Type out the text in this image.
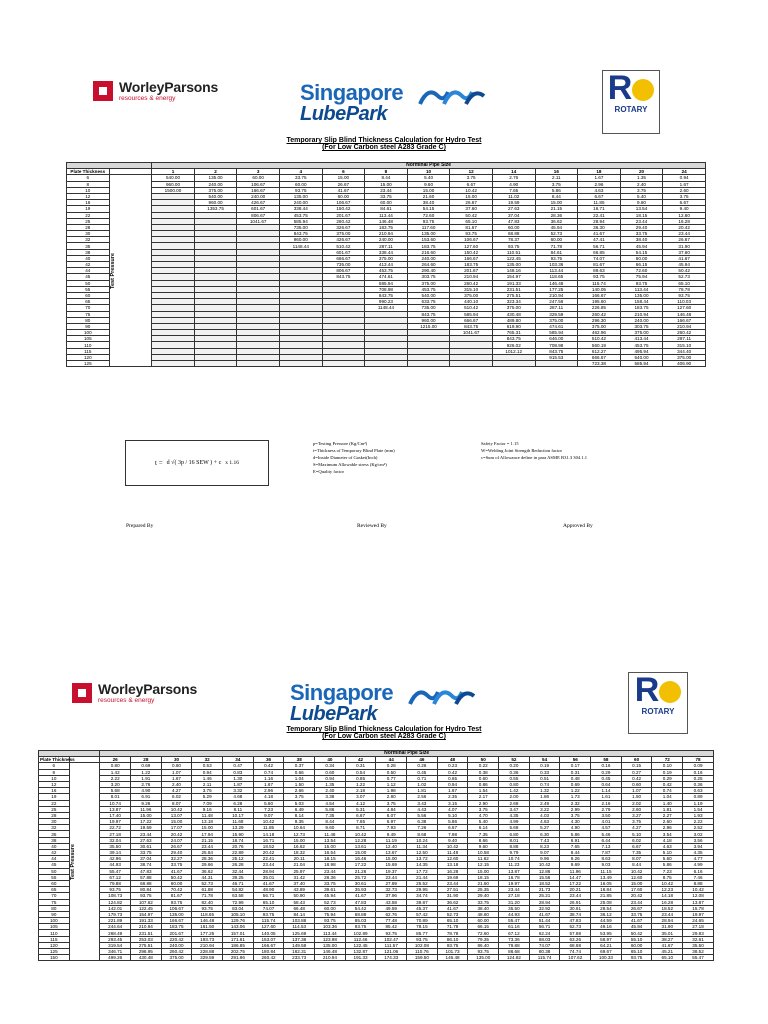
WorleyParsons
resources & energy	Singapore
LubePark
R
ROTARY
Temporary Slip Blind Thickness Calculation for Hydro Test
(For Low Carbon steel A283 Grade C)
		Norminal Pipe Size												
Plate Thickness		1	2	3	4	6	8	10	12	14	16	18	20	24
6	Test Pressure	540.00	135.00	60.00	33.75	15.00	8.44	5.40	3.75	2.76	2.11	1.67	1.35	0.94
8		960.00	240.00	106.67	60.00	26.67	15.00	9.60	6.67	4.90	3.75	2.96	2.40	1.67
10		1500.00	375.00	166.67	93.75	41.67	23.44	15.00	10.42	7.65	5.86	4.63	3.75	2.60
12			540.00	240.00	135.00	60.00	33.75	21.60	15.00	11.02	8.44	6.67	5.40	3.75
16			960.00	426.67	240.00	106.67	60.00	38.40	26.67	19.59	15.00	11.85	9.60	6.67
19			1353.75	601.67	338.44	150.42	84.61	54.15	37.60	27.63	21.15	16.71	13.54	9.40
22				806.67	453.75	201.67	113.44	72.60	50.42	37.04	28.36	22.41	18.15	12.60
25				1041.67	585.94	260.42	146.48	93.75	65.10	47.83	36.62	28.94	23.44	16.28
28					735.00	326.67	183.75	117.60	81.67	60.00	45.94	36.30	29.40	20.42
30					843.75	375.00	210.94	135.00	93.75	68.88	52.73	41.67	33.75	23.44
32					960.00	426.67	240.00	153.60	106.67	78.37	60.00	47.41	38.40	26.67
35					1148.44	510.42	287.11	183.75	127.60	93.75	71.78	56.71	45.94	31.90
38						601.67	338.44	216.60	150.42	110.51	84.61	66.85	54.15	37.60
40						666.67	375.00	240.00	166.67	122.45	93.75	74.07	60.00	41.67
42						735.00	413.44	264.60	183.75	135.00	103.36	81.67	66.15	45.94
44						806.67	453.75	290.40	201.67	148.16	113.44	89.63	72.60	50.42
45						843.75	474.61	303.75	210.94	154.97	118.65	93.75	75.94	52.73
50							585.94	375.00	260.42	191.33	146.48	115.74	93.75	65.10
55							708.98	453.75	315.10	231.51	177.25	140.05	113.44	78.78
60							843.75	540.00	375.00	275.51	210.94	166.67	135.00	93.75
65							990.23	633.75	440.10	323.34	247.56	195.60	158.44	110.03
70							1148.44	735.00	510.42	375.00	287.11	226.85	183.75	127.60
75								843.75	585.94	430.48	329.59	260.42	210.94	146.48
80								960.00	666.67	489.80	375.00	296.30	240.00	166.67
90								1215.00	843.75	619.90	474.61	375.00	303.75	210.94
100									1041.67	765.31	585.94	462.96	375.00	260.42
105										843.75	646.00	510.42	413.44	287.11
110										926.02	708.98	560.19	453.75	315.10
115										1012.12	843.75	612.27	495.94	344.40
120											915.53	666.67	540.00	375.00
125												723.38	585.94	406.90
t = d √( 3p / 16 SEW ) + c x 1.16
p=Testing Pressure (Kg/Cm²)
t=Thickness of Temporary Blind Plate (mm)
d=Inside Diameter of Gasket(Inch)
S=Maximum Allowable stress (Kg/cm²)
E=Quality factor
Safety Factor = 1.15
W=Welding Joint Strength Reduction factor
c=Sum of Allowance define in para ASME B31.3 304.1.1
Prepared By	Reviewed By	Approved By
WorleyParsons
resources & energy	Singapore
LubePark
R
ROTARY
Temporary Slip Blind Thickness Calculation for Hydro Test
(For Low Carbon steel A283 Grade C)
		Norminal Pipe Size																			
Plate Thickness		26	28	30	32	34	36	38	40	42	44	46	48	50	52	54	56	58	60	72	78
6	Test Pressure	0.80	0.69	0.60	0.53	0.47	0.42	0.37	0.34	0.31	0.28	0.26	0.23	0.22	0.20	0.19	0.17	0.16	0.15	0.10	0.09
8		1.42	1.22	1.07	0.94	0.83	0.74	0.66	0.60	0.54	0.50	0.45	0.42	0.38	0.36	0.33	0.31	0.29	0.27	0.19	0.16
10		2.22	1.91	1.67	1.46	1.30	1.16	1.04	0.94	0.85	0.77	0.71	0.65	0.60	0.55	0.51	0.48	0.45	0.42	0.29	0.25
12		3.20	2.76	2.40	2.11	1.87	1.67	1.50	1.35	1.22	1.12	1.02	0.94	0.86	0.80	0.74	0.69	0.64	0.60	0.42	0.36
16		5.68	4.90	4.27	3.75	3.32	2.96	2.66	2.40	2.18	1.98	1.81	1.67	1.54	1.42	1.32	1.22	1.14	1.07	0.74	0.63
19		8.01	6.91	6.02	5.29	4.68	4.18	3.75	3.38	3.07	2.80	2.56	2.35	2.17	2.00	1.86	1.73	1.61	1.50	1.04	0.89
22		10.74	9.26	8.07	7.09	6.28	5.60	5.03	4.54	4.12	3.75	3.43	3.15	2.90	2.68	2.49	2.32	2.16	2.02	1.40	1.19
25		13.87	11.96	10.42	9.16	8.11	7.23	6.49	5.86	5.31	4.84	4.43	4.07	3.75	3.47	3.22	2.99	2.79	2.60	1.81	1.54
28		17.40	15.00	13.07	11.48	10.17	9.07	8.14	7.35	6.67	6.07	5.56	5.10	4.70	4.35	4.03	3.75	3.50	3.27	2.27	1.93
30		19.97	17.22	15.00	13.18	11.68	10.42	9.35	8.44	7.65	6.97	6.38	5.86	5.40	4.99	4.63	4.30	4.01	3.75	2.60	2.22
32		22.72	19.59	17.07	15.00	13.29	11.85	10.64	9.60	8.71	7.93	7.26	6.67	6.14	5.68	5.27	4.90	4.57	4.27	2.96	2.52
35		27.18	23.44	20.42	17.94	15.90	14.18	12.73	11.48	10.42	9.49	8.68	7.98	7.35	6.80	6.30	5.86	5.46	5.10	3.54	3.02
38		32.04	27.63	24.07	21.15	18.74	16.71	15.00	13.54	12.28	11.19	10.24	9.40	8.66	8.01	7.43	6.91	6.44	6.02	4.18	3.56
40		35.50	30.61	26.67	23.44	20.76	18.52	16.62	15.00	13.61	12.40	11.34	10.42	9.60	8.88	8.23	7.65	7.13	6.67	4.63	3.94
42		39.14	33.75	29.40	25.84	22.89	20.42	18.32	16.54	15.00	13.67	12.50	11.48	10.58	9.79	9.07	8.44	7.87	7.35	5.10	4.35
44		42.96	37.04	32.27	28.36	25.12	22.41	20.11	18.15	16.46	15.00	13.72	12.60	11.62	10.74	9.96	9.26	8.63	8.07	5.60	4.77
45		44.93	38.74	33.75	29.66	26.28	23.44	21.04	18.98	17.22	15.69	14.35	13.18	12.15	11.23	10.42	9.69	9.03	8.44	5.86	4.99
50		55.47	47.83	41.67	36.62	32.44	28.94	25.97	23.44	21.26	19.37	17.72	16.28	15.00	13.87	12.86	11.96	11.15	10.42	7.23	6.16
55		67.12	57.88	50.42	44.31	39.25	35.01	31.42	28.36	25.72	23.44	21.44	19.69	18.15	16.78	15.56	14.47	13.49	12.60	8.75	7.46
60		79.88	68.88	60.00	52.73	46.71	41.67	37.40	33.75	30.61	27.89	25.52	23.44	21.60	19.97	18.52	17.22	16.05	15.00	10.42	8.88
65		93.75	80.84	70.42	61.88	54.82	48.90	43.89	39.61	35.93	32.73	29.95	27.51	25.35	23.44	21.73	20.21	18.84	17.60	12.23	10.42
70		108.73	93.75	81.67	71.78	63.58	56.71	50.90	45.94	41.67	37.96	34.74	31.90	29.40	27.18	25.21	23.44	21.85	20.42	14.18	12.08
75		124.82	107.62	93.75	82.40	72.99	65.10	58.43	52.73	47.83	43.58	39.87	36.62	33.75	31.20	28.94	26.91	25.08	23.44	16.28	13.87
80		142.01	122.45	106.67	93.75	83.04	74.07	66.48	60.00	54.42	49.59	45.37	41.67	38.40	35.50	32.92	30.61	28.54	26.67	18.52	15.78
90		179.73	154.97	135.00	118.65	105.10	93.75	84.14	75.94	68.88	62.76	57.42	52.73	48.60	44.93	41.67	38.74	36.12	33.75	23.44	19.97
100		221.89	191.33	166.67	146.48	129.76	115.74	103.88	93.75	85.03	77.48	70.89	65.10	60.00	55.47	51.44	47.83	44.59	41.67	28.94	24.65
105		244.64	210.94	183.75	161.50	143.06	127.60	114.53	103.36	93.75	85.42	78.15	71.78	66.15	61.16	56.71	52.73	49.16	45.94	31.90	27.18
110		268.49	231.51	201.67	177.25	157.01	140.05	125.69	113.44	102.89	93.75	85.77	78.78	72.60	67.12	62.24	57.88	53.95	50.42	35.01	29.83
115		293.45	253.03	220.42	193.73	171.61	153.07	137.38	123.98	112.46	102.47	93.75	86.10	79.35	73.36	68.03	63.26	58.97	55.10	38.27	32.61
120		319.54	275.51	240.00	210.94	186.85	166.67	149.58	135.00	122.45	111.57	102.08	93.75	86.40	79.88	74.07	68.88	64.21	60.00	41.67	35.50
125		346.71	298.95	260.42	228.88	202.75	180.84	162.31	146.48	132.87	121.06	110.76	101.73	93.75	86.68	80.38	74.74	69.67	65.10	45.21	38.52
150		499.26	430.48	375.00	329.59	291.96	260.42	233.73	210.94	191.33	174.33	159.50	146.48	135.00	124.82	115.74	107.62	100.33	93.75	65.10	55.47
